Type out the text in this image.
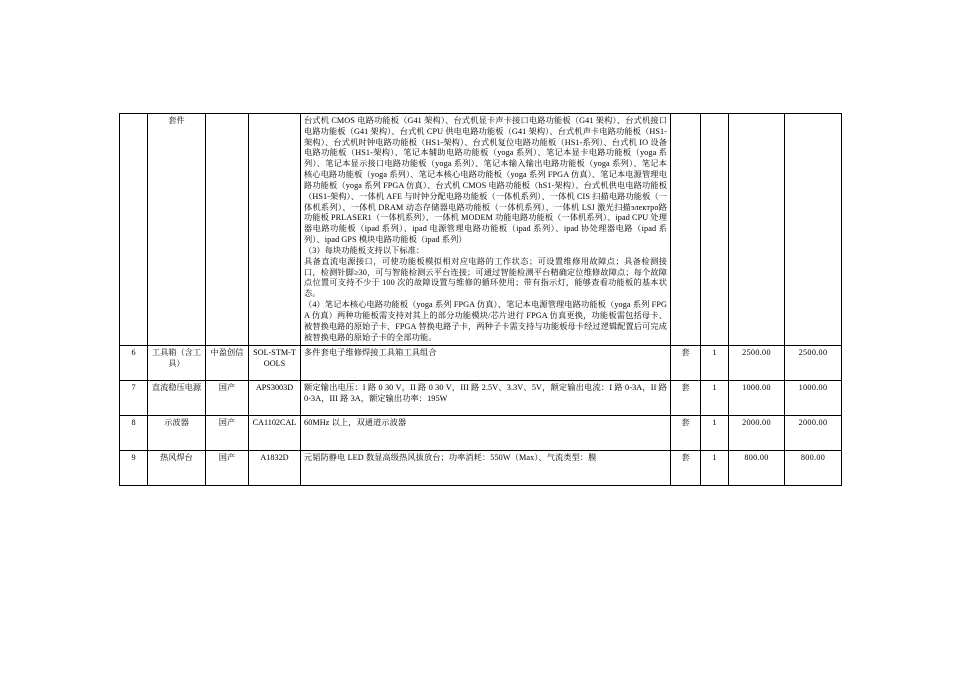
	套件			台式机 CMOS 电路功能板（G41 架构）、台式机显卡声卡接口电路功能板（G41 架构）、台式机接口电路功能板（G41 架构）、台式机 CPU 供电电路功能板（G41 架构）、台式机声卡电路功能板（HS1-架构）、台式机时钟电路功能板（HS1-架构）、台式机复位电路功能板（HS1-系列）、台式机 IO 设备电路功能板（HS1-架构）、笔记本辅助电路功能板（yoga 系列）、笔记本显卡电路功能板（yoga 系列）、笔记本显示接口电路功能板（yoga 系列）、笔记本输入输出电路功能板（yoga 系列）、笔记本核心电路功能板（yoga 系列）、笔记本核心电路功能板（yoga 系列 FPGA 仿真）、笔记本电源管理电路功能板（yoga 系列 FPGA 仿真）、台式机 CMOS 电路功能板（hS1-架构）、台式机供电电路功能板（HS1-架构）、一体机 AFE 与时钟分配电路功能板（一体机系列）、一体机 CIS 扫描电路功能板（一体机系列）、一体机 DRAM 动态存储器电路功能板（一体机系列）、一体机 LSJ 激光扫描электро路功能板 PRLASER1（一体机系列）、一体机 MODEM 功能电路功能板（一体机系列）、ipad CPU 处理器电路功能板（ipad 系列）、ipad 电源管理电路功能板（ipad 系列）、ipad 协处理器电路（ipad 系列）、ipad GPS 模块电路功能板（ipad 系列）

（3）每块功能板支持以下标准：

具备直流电源接口，可使功能板模拟相对应电路的工作状态；可设置维修用故障点；具备检测接口，检测针脚≥30，可与智能检测云平台连接；可通过智能检测平台精确定位维修故障点；每个故障点位置可支持不少于 100 次的故障设置与维修的循环使用；带有指示灯，能够查看功能板的基本状态。

（4）笔记本核心电路功能板（yoga 系列 FPGA 仿真）、笔记本电源管理电路功能板（yoga 系列 FPGA 仿真）两种功能板需支持对其上的部分功能模块/芯片进行 FPGA 仿真更换，功能板需包括母卡、被替换电路的原始子卡、FPGA 替换电路子卡，两种子卡需支持与功能板母卡经过逻辑配置后可完成被替换电路的原始子卡的全部功能。				

6	工具箱（含工具）	中盈创信	SOL-STM-TOOLS	多件套电子维修焊接工具箱工具组合	套	1	2500.00	2500.00
7	直流稳压电源	国产	APS3003D	额定输出电压：I 路 0 30 V，II 路 0 30 V，III 路 2.5V、3.3V、5V，额定输出电流：I 路 0-3A，II 路 0-3A，III 路 3A，额定输出功率：195W	套	1	1000.00	1000.00
8	示波器	国产	CA1102CAL	60MHz 以上，双通道示波器	套	1	2000.00	2000.00
9	热风焊台	国产	A1832D	元韬防静电 LED 数显高级热风拔放台；功率消耗：550W（Max）、气流类型：膜	套	1	800.00	800.00
